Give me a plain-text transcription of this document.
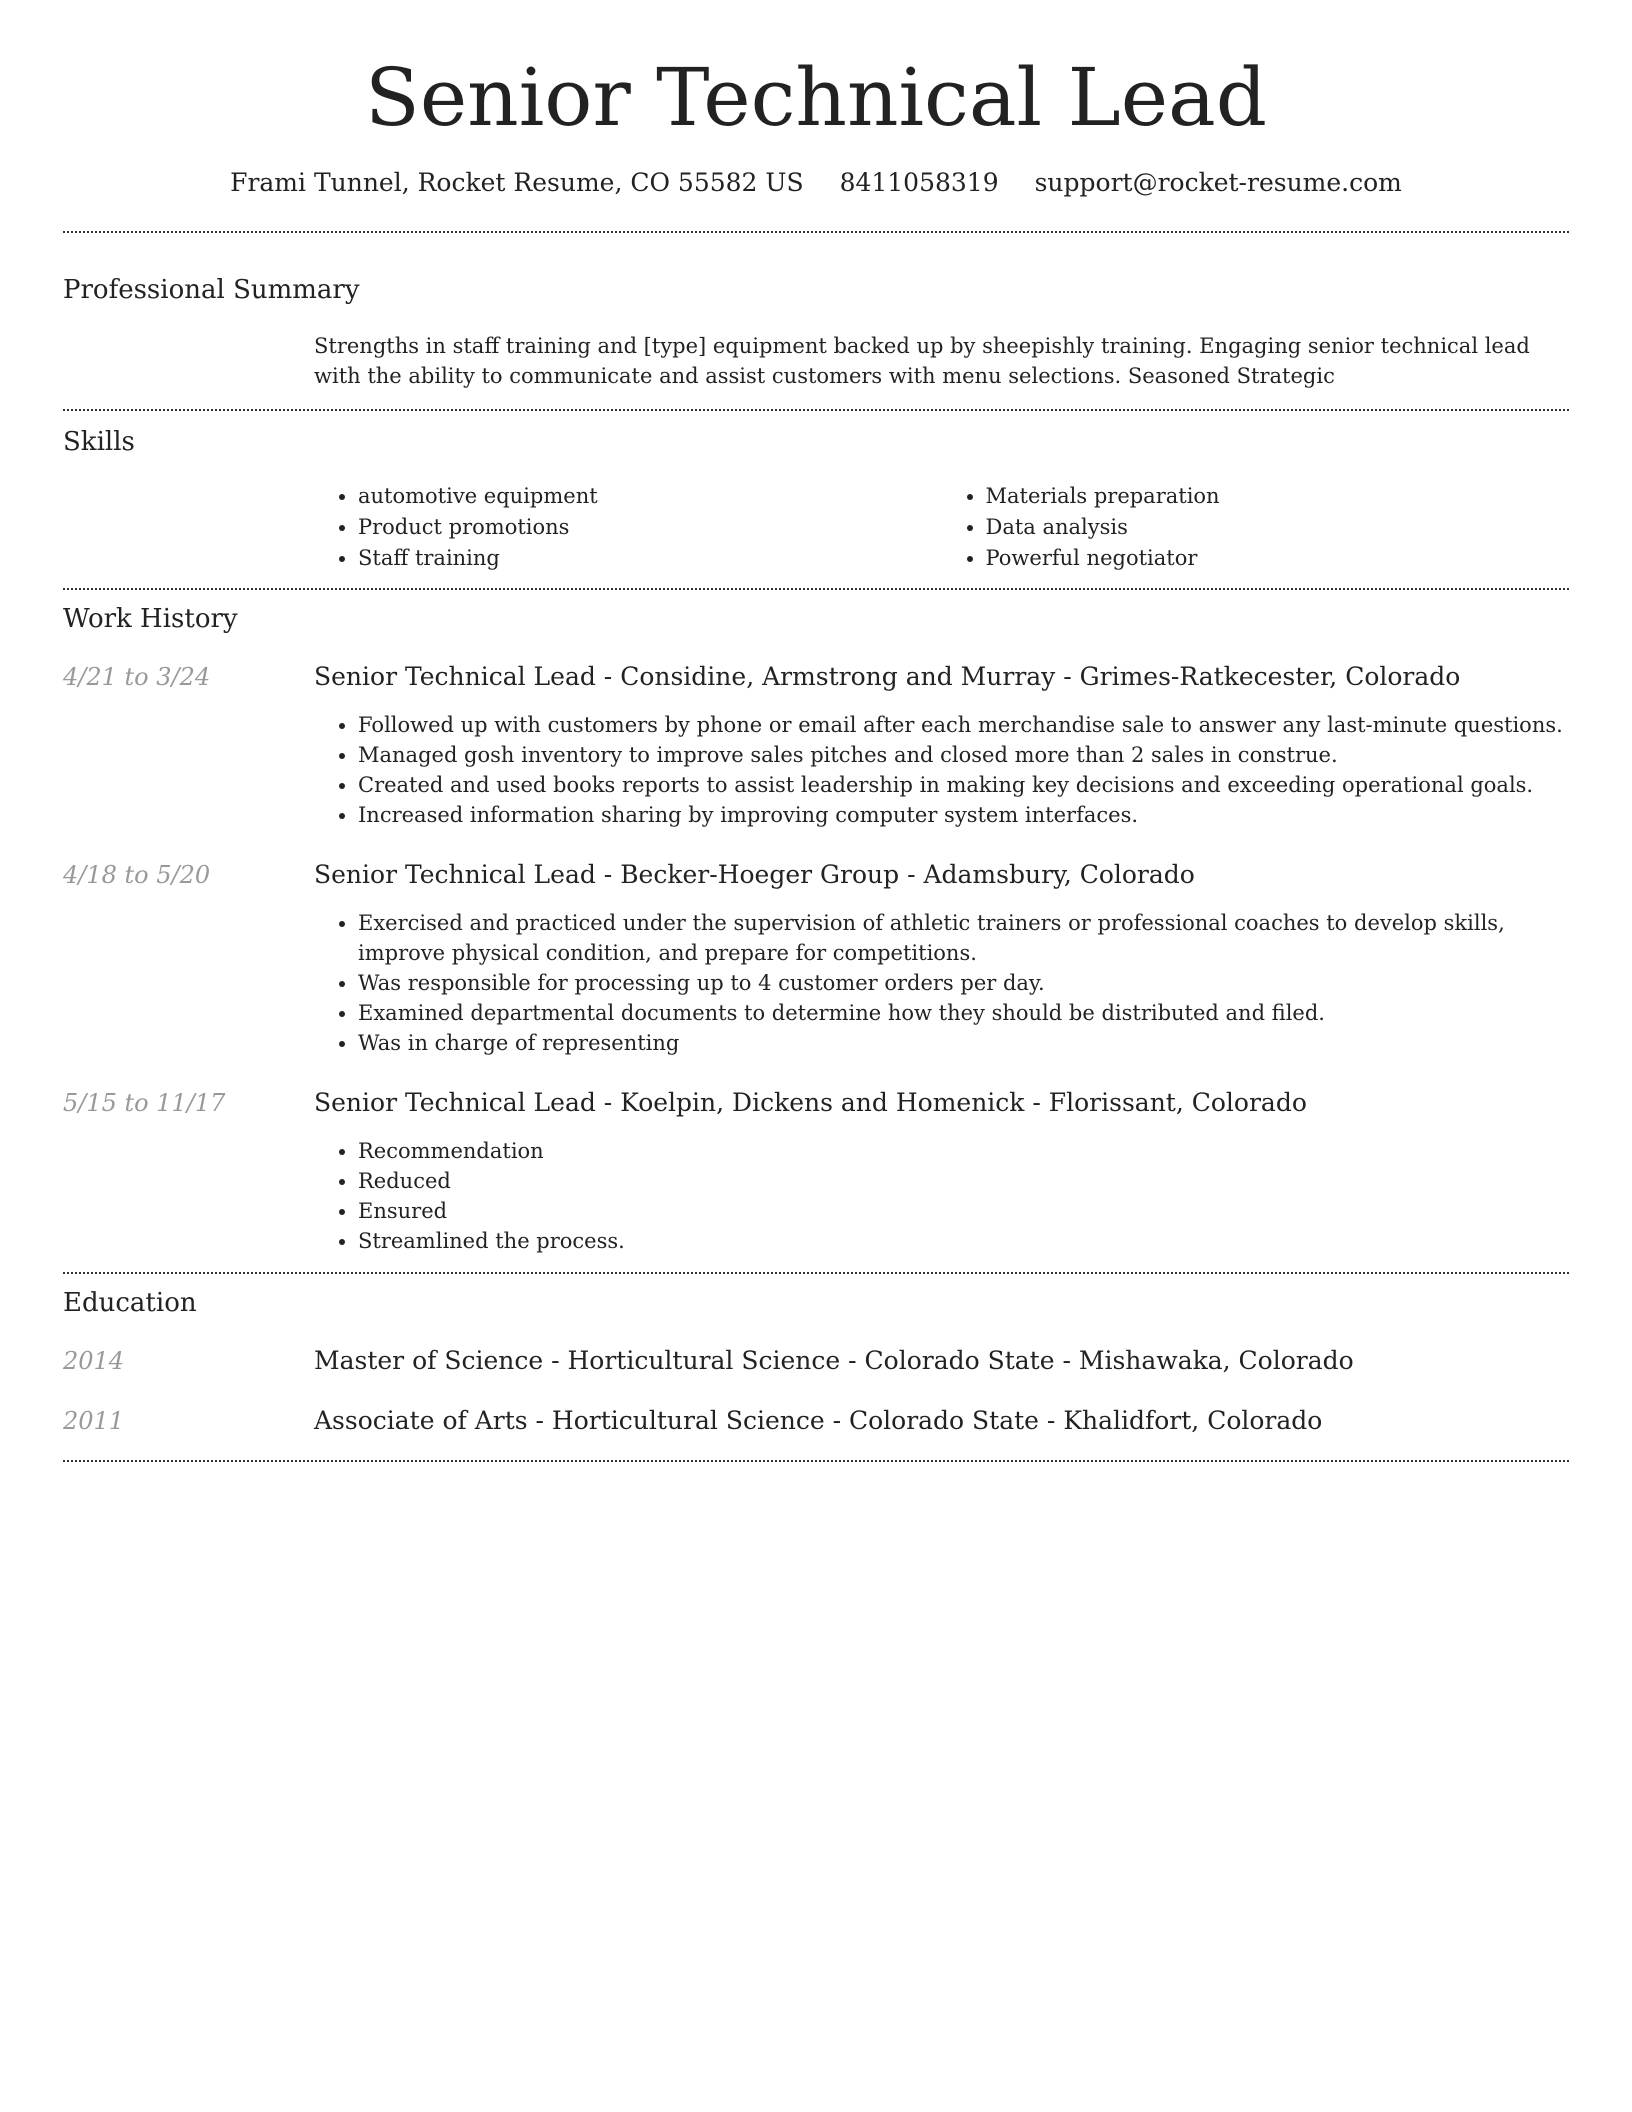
Senior Technical Lead
Frami Tunnel, Rocket Resume, CO 55582 US 8411058319 support@rocket-resume.com
Professional Summary
Strengths in staff training and [type] equipment backed up by sheepishly training. Engaging senior technical lead with the ability to communicate and assist customers with menu selections. Seasoned Strategic
Skills
• automotive equipment
• Product promotions
• Staff training
• Materials preparation
• Data analysis
• Powerful negotiator
Work History
4/21 to 3/24	Senior Technical Lead - Considine, Armstrong and Murray - Grimes-Ratkecester, Colorado
• Followed up with customers by phone or email after each merchandise sale to answer any last-minute questions.
• Managed gosh inventory to improve sales pitches and closed more than 2 sales in construe.
• Created and used books reports to assist leadership in making key decisions and exceeding operational goals.
• Increased information sharing by improving computer system interfaces.
4/18 to 5/20	Senior Technical Lead - Becker-Hoeger Group - Adamsbury, Colorado
• Exercised and practiced under the supervision of athletic trainers or professional coaches to develop skills, improve physical condition, and prepare for competitions.
• Was responsible for processing up to 4 customer orders per day.
• Examined departmental documents to determine how they should be distributed and filed.
• Was in charge of representing
5/15 to 11/17	Senior Technical Lead - Koelpin, Dickens and Homenick - Florissant, Colorado
• Recommendation
• Reduced
• Ensured
• Streamlined the process.
Education
2014	Master of Science - Horticultural Science - Colorado State - Mishawaka, Colorado
2011	Associate of Arts - Horticultural Science - Colorado State - Khalidfort, Colorado
